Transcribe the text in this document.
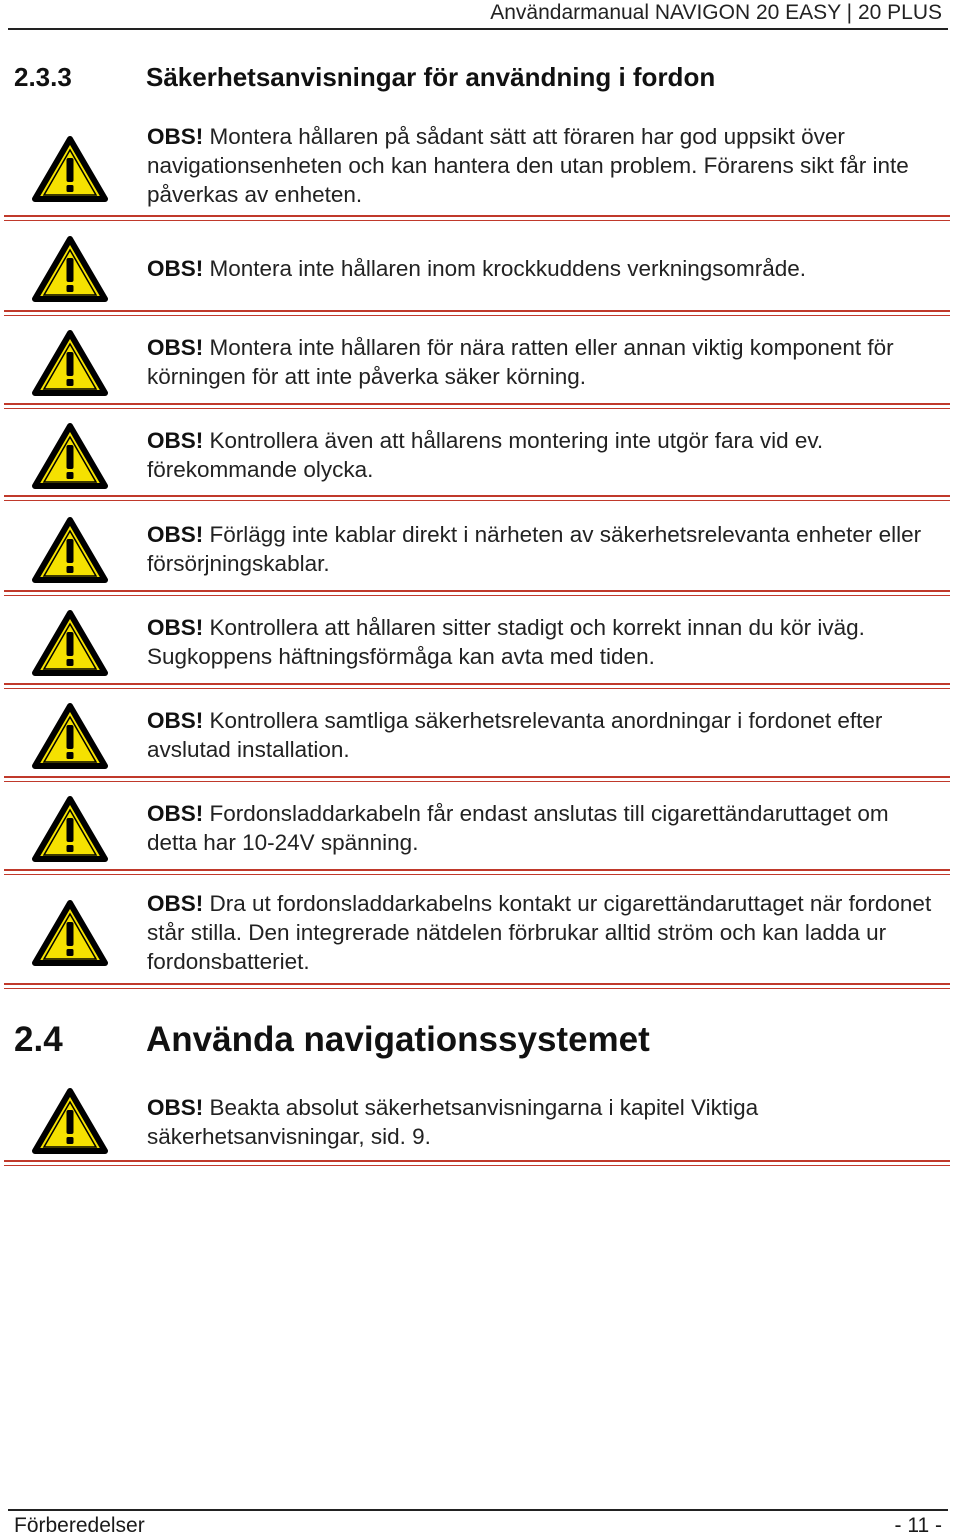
Användarmanual NAVIGON 20 EASY | 20 PLUS
2.3.3	Säkerhetsanvisningar för användning i fordon
OBS! Montera hållaren på sådant sätt att föraren har god uppsikt över navigationsenheten och kan hantera den utan problem. Förarens sikt får inte påverkas av enheten.
OBS! Montera inte hållaren inom krockkuddens verkningsområde.
OBS! Montera inte hållaren för nära ratten eller annan viktig komponent för körningen för att inte påverka säker körning.
OBS! Kontrollera även att hållarens montering inte utgör fara vid ev. förekommande olycka.
OBS! Förlägg inte kablar direkt i närheten av säkerhetsrelevanta enheter eller försörjningskablar.
OBS! Kontrollera att hållaren sitter stadigt och korrekt innan du kör iväg. Sugkoppens häftningsförmåga kan avta med tiden.
OBS! Kontrollera samtliga säkerhetsrelevanta anordningar i fordonet efter avslutad installation.
OBS! Fordonsladdarkabeln får endast anslutas till cigarettändaruttaget om detta har 10-24V spänning.
OBS! Dra ut fordonsladdarkabelns kontakt ur cigarettändaruttaget när fordonet står stilla. Den integrerade nätdelen förbrukar alltid ström och kan ladda ur fordonsbatteriet.
2.4 Använda navigationssystemet
OBS! Beakta absolut säkerhetsanvisningarna i kapitel Viktiga säkerhetsanvisningar, sid. 9.
Förberedelser	- 11 -
